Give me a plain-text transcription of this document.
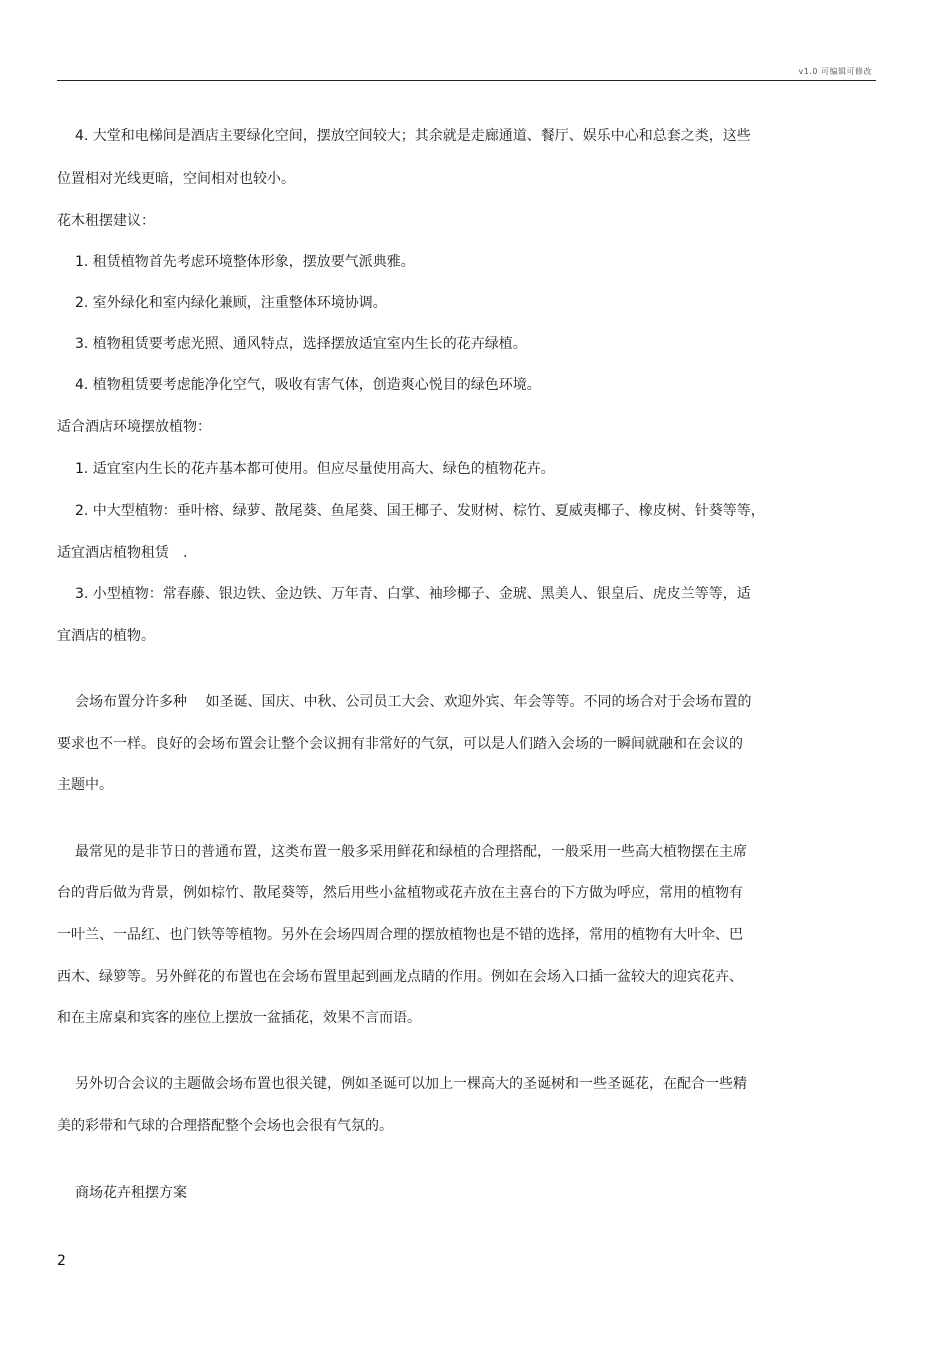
v1.0 可编辑可修改
4. 大堂和电梯间是酒店主要绿化空间，摆放空间较大；其余就是走廊通道、餐厅、娱乐中心和总套之类，这些
位置相对光线更暗，空间相对也较小。
花木租摆建议：
1. 租赁植物首先考虑环境整体形象，摆放要气派典雅。
2. 室外绿化和室内绿化兼顾，注重整体环境协调。
3. 植物租赁要考虑光照、通风特点，选择摆放适宜室内生长的花卉绿植。
4. 植物租赁要考虑能净化空气，吸收有害气体，创造爽心悦目的绿色环境。
适合酒店环境摆放植物：
1. 适宜室内生长的花卉基本都可使用。但应尽量使用高大、绿色的植物花卉。
2. 中大型植物：垂叶榕、绿萝、散尾葵、鱼尾葵、国王椰子、发财树、棕竹、夏威夷椰子、橡皮树、针葵等等，
适宜酒店植物租赁　.
3. 小型植物：常春藤、银边铁、金边铁、万年青、白掌、袖珍椰子、金琥、黑美人、银皇后、虎皮兰等等，适
宜酒店的植物。
会场布置分许多种　 如圣诞、国庆、中秋、公司员工大会、欢迎外宾、年会等等。不同的场合对于会场布置的
要求也不一样。良好的会场布置会让整个会议拥有非常好的气氛，可以是人们踏入会场的一瞬间就融和在会议的
主题中。
最常见的是非节日的普通布置，这类布置一般多采用鲜花和绿植的合理搭配，一般采用一些高大植物摆在主席
台的背后做为背景，例如棕竹、散尾葵等，然后用些小盆植物或花卉放在主喜台的下方做为呼应，常用的植物有
一叶兰、一品红、也门铁等等植物。另外在会场四周合理的摆放植物也是不错的选择，常用的植物有大叶伞、巴
西木、绿箩等。另外鲜花的布置也在会场布置里起到画龙点睛的作用。例如在会场入口插一盆较大的迎宾花卉、
和在主席桌和宾客的座位上摆放一盆插花，效果不言而语。
另外切合会议的主题做会场布置也很关键，例如圣诞可以加上一棵高大的圣诞树和一些圣诞花，在配合一些精
美的彩带和气球的合理搭配整个会场也会很有气氛的。
商场花卉租摆方案
2
